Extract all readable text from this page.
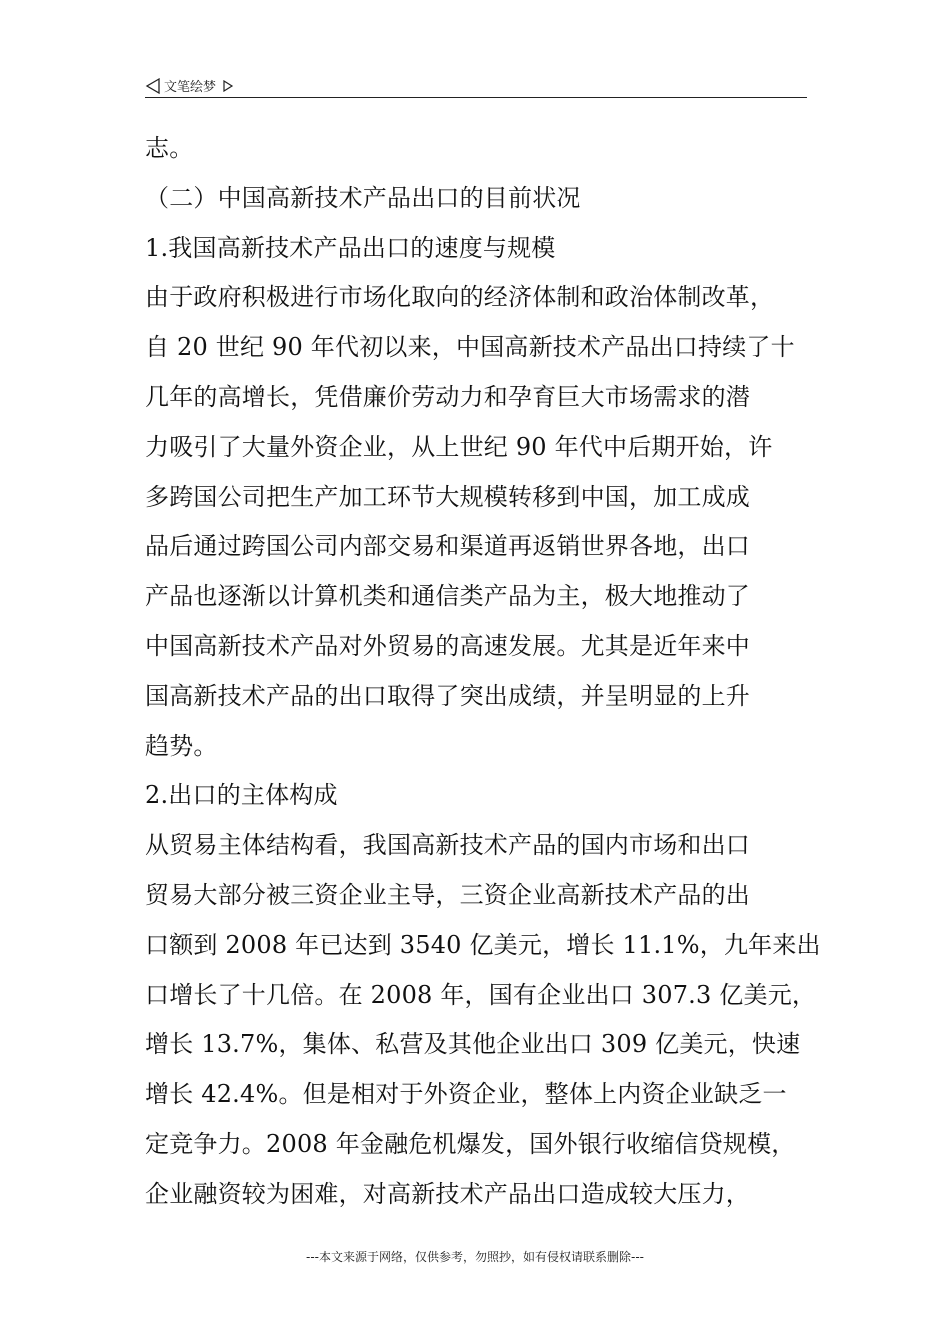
文笔绘梦
志。
（二）中国高新技术产品出口的目前状况
1.我国高新技术产品出口的速度与规模
由于政府积极进行市场化取向的经济体制和政治体制改革，
自 20 世纪 90 年代初以来，中国高新技术产品出口持续了十
几年的高增长，凭借廉价劳动力和孕育巨大市场需求的潜
力吸引了大量外资企业，从上世纪 90 年代中后期开始，许
多跨国公司把生产加工环节大规模转移到中国，加工成成
品后通过跨国公司内部交易和渠道再返销世界各地，出口
产品也逐渐以计算机类和通信类产品为主，极大地推动了
中国高新技术产品对外贸易的高速发展。尤其是近年来中
国高新技术产品的出口取得了突出成绩，并呈明显的上升
趋势。
2.出口的主体构成
从贸易主体结构看，我国高新技术产品的国内市场和出口
贸易大部分被三资企业主导，三资企业高新技术产品的出
口额到 2008 年已达到 3540 亿美元，增长 11.1%，九年来出
口增长了十几倍。在 2008 年，国有企业出口 307.3 亿美元，
增长 13.7%，集体、私营及其他企业出口 309 亿美元，快速
增长 42.4%。但是相对于外资企业，整体上内资企业缺乏一
定竞争力。2008 年金融危机爆发，国外银行收缩信贷规模，
企业融资较为困难，对高新技术产品出口造成较大压力，
---本文来源于网络，仅供参考，勿照抄，如有侵权请联系删除---
